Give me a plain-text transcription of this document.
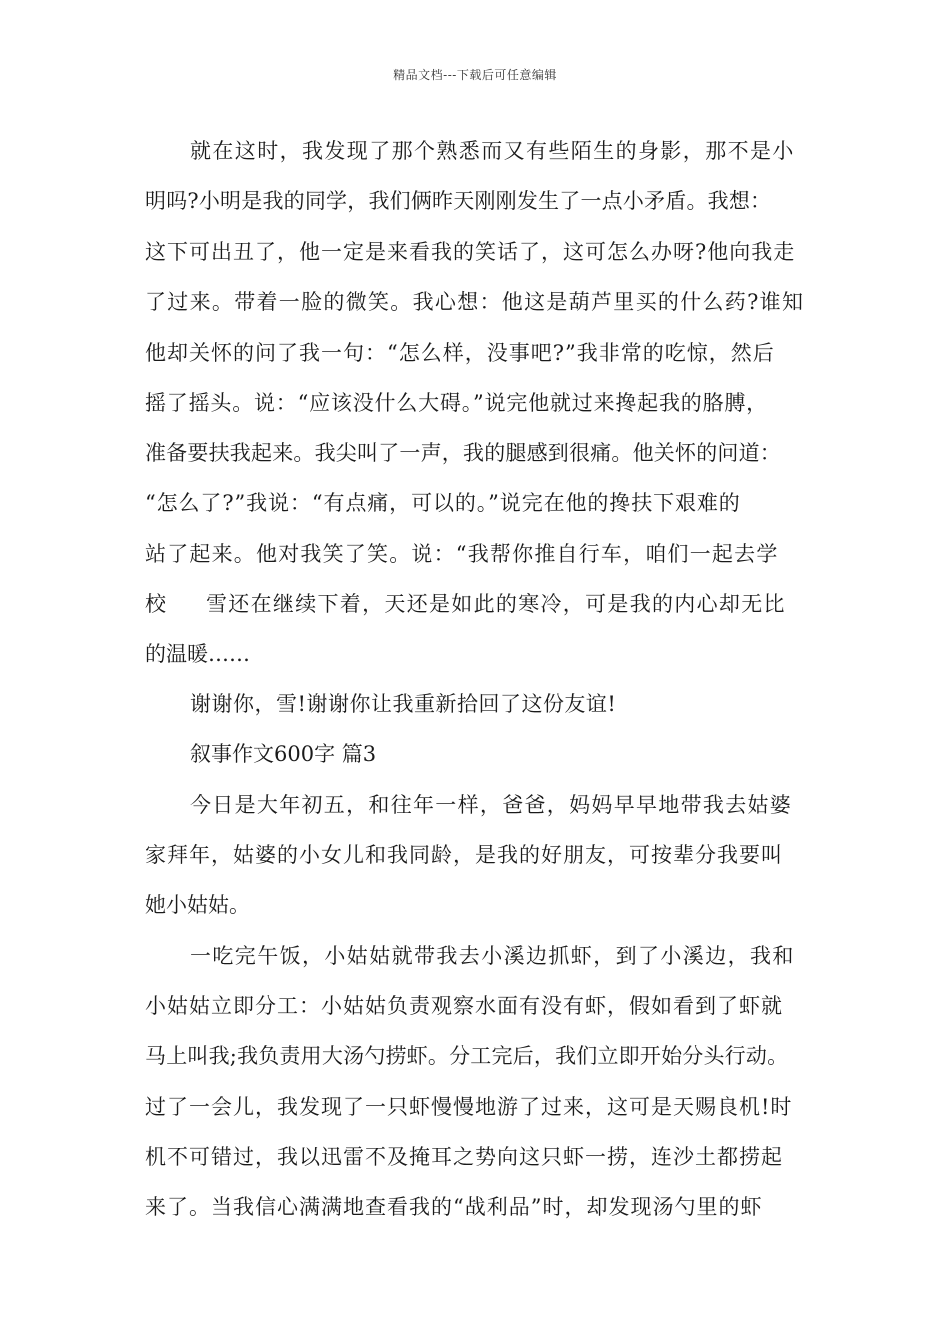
精品文档---下载后可任意编辑
就在这时，我发现了那个熟悉而又有些陌生的身影，那不是小
明吗?小明是我的同学，我们俩昨天刚刚发生了一点小矛盾。我想：
这下可出丑了，他一定是来看我的笑话了，这可怎么办呀?他向我走
了过来。带着一脸的微笑。我心想：他这是葫芦里买的什么药?谁知
他却关怀的问了我一句：“怎么样，没事吧?”我非常的吃惊，然后
摇了摇头。说：“应该没什么大碍。”说完他就过来搀起我的胳膊，
准备要扶我起来。我尖叫了一声，我的腿感到很痛。他关怀的问道：
“怎么了?”我说：“有点痛，可以的。”说完在他的搀扶下艰难的
站了起来。他对我笑了笑。说：“我帮你推自行车，咱们一起去学
校 雪还在继续下着，天还是如此的寒冷，可是我的内心却无比
的温暖……
谢谢你，雪!谢谢你让我重新拾回了这份友谊!
叙事作文600字 篇3
今日是大年初五，和往年一样，爸爸，妈妈早早地带我去姑婆
家拜年，姑婆的小女儿和我同龄，是我的好朋友，可按辈分我要叫
她小姑姑。
一吃完午饭，小姑姑就带我去小溪边抓虾，到了小溪边，我和
小姑姑立即分工：小姑姑负责观察水面有没有虾，假如看到了虾就
马上叫我;我负责用大汤勺捞虾。分工完后，我们立即开始分头行动。
过了一会儿，我发现了一只虾慢慢地游了过来，这可是天赐良机!时
机不可错过，我以迅雷不及掩耳之势向这只虾一捞，连沙土都捞起
来了。当我信心满满地查看我的“战利品”时，却发现汤勺里的虾
